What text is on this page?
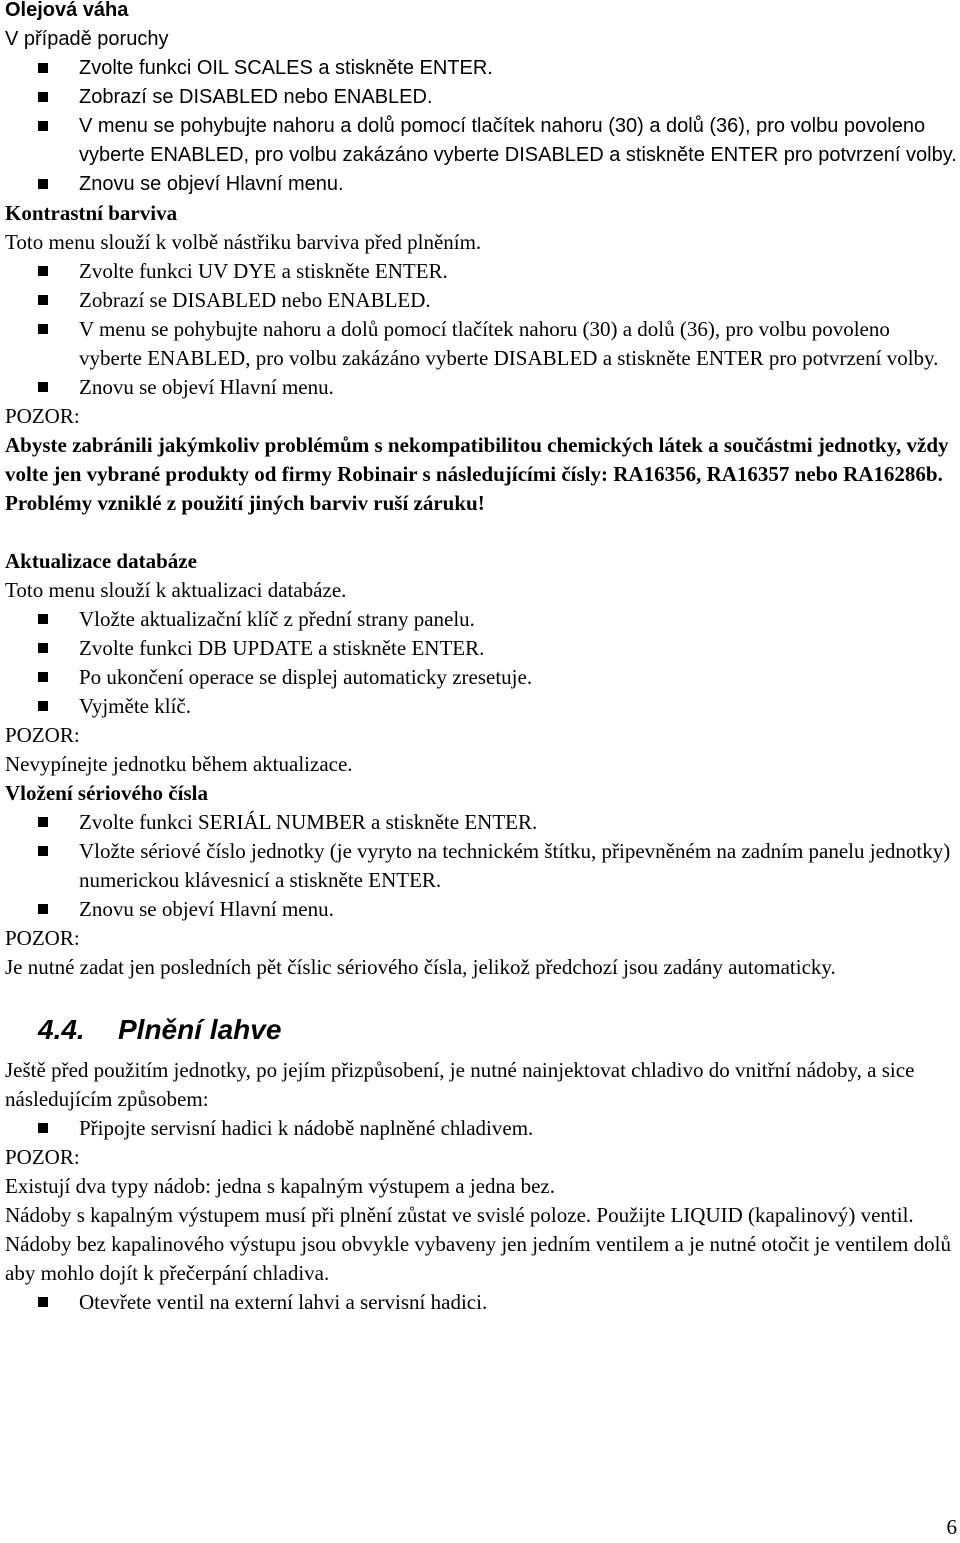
Olejová váha

V případě poruchy

Zvolte funkci OIL SCALES a stiskněte ENTER.
Zobrazí se DISABLED nebo ENABLED.
V menu se pohybujte nahoru a dolů pomocí tlačítek nahoru (30) a dolů (36), pro volbu povoleno vyberte ENABLED, pro volbu zakázáno vyberte DISABLED a stiskněte ENTER pro potvrzení volby.
Znovu se objeví Hlavní menu.

Kontrastní barviva

Toto menu slouží k volbě nástřiku barviva před plněním.

Zvolte funkci UV DYE a stiskněte ENTER.
Zobrazí se DISABLED nebo ENABLED.
V menu se pohybujte nahoru a dolů pomocí tlačítek nahoru (30) a dolů (36), pro volbu povoleno vyberte ENABLED, pro volbu zakázáno vyberte DISABLED a stiskněte ENTER pro potvrzení volby.
Znovu se objeví Hlavní menu.

POZOR:

Abyste zabránili jakýmkoliv problémům s nekompatibilitou chemických látek a součástmi jednotky, vždy volte jen vybrané produkty od firmy Robinair s následujícími čísly: RA16356, RA16357 nebo RA16286b. Problémy vzniklé z použití jiných barviv ruší záruku!

Aktualizace databáze

Toto menu slouží k aktualizaci databáze.

Vložte aktualizační klíč z přední strany panelu.
Zvolte funkci DB UPDATE a stiskněte ENTER.
Po ukončení operace se displej automaticky zresetuje.
Vyjměte klíč.

POZOR:

Nevypínejte jednotku během aktualizace.

Vložení sériového čísla

Zvolte funkci SERIÁL NUMBER a stiskněte ENTER.
Vložte sériové číslo jednotky (je vyryto na technickém štítku, připevněném na zadním panelu jednotky) numerickou klávesnicí a stiskněte ENTER.
Znovu se objeví Hlavní menu.

POZOR:

Je nutné zadat jen posledních pět číslic sériového čísla, jelikož předchozí jsou zadány automaticky.

4.4. Plnění lahve

Ještě před použitím jednotky, po jejím přizpůsobení, je nutné nainjektovat chladivo do vnitřní nádoby, a sice následujícím způsobem:

Připojte servisní hadici k nádobě naplněné chladivem.

POZOR:

Existují dva typy nádob: jedna s kapalným výstupem a jedna bez.

Nádoby s kapalným výstupem musí při plnění zůstat ve svislé poloze. Použijte LIQUID (kapalinový) ventil.

Nádoby bez kapalinového výstupu jsou obvykle vybaveny jen jedním ventilem a je nutné otočit je ventilem dolů aby mohlo dojít k přečerpání chladiva.

Otevřete ventil na externí lahvi a servisní hadici.
6
